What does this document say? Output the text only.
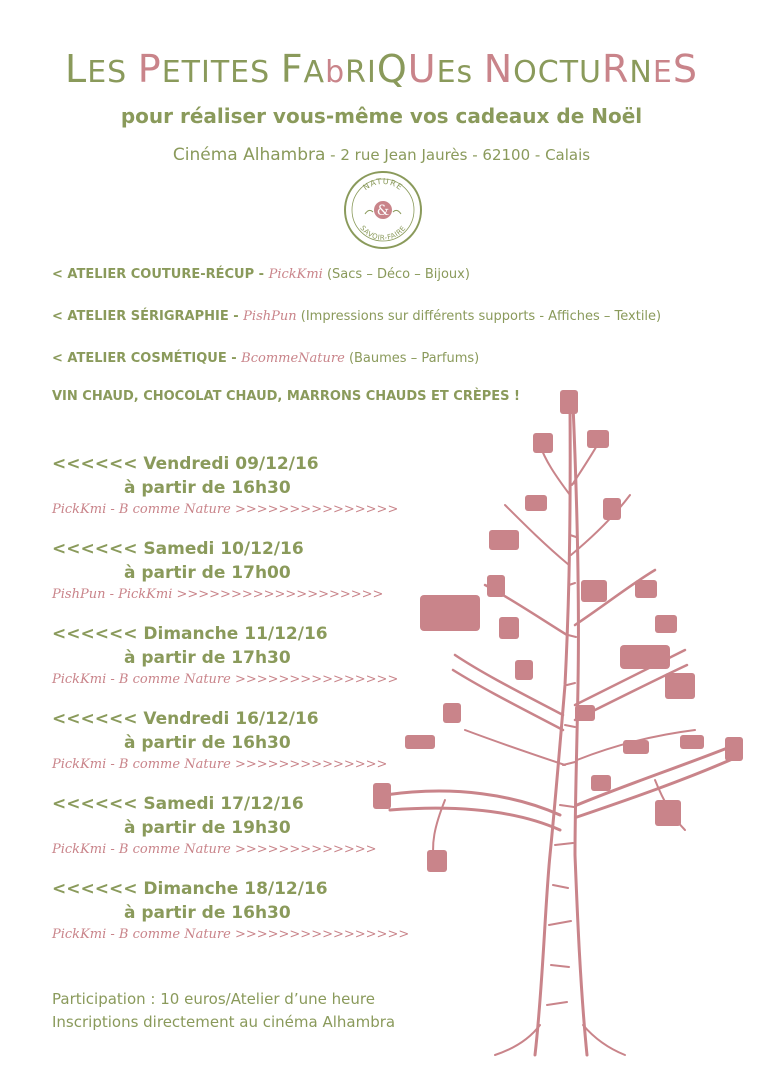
LES PETITES FAbRIQUEs NOCTURNES
pour réaliser vous-même vos cadeaux de Noël
Cinéma Alhambra - 2 rue Jean Jaurès - 62100 - Calais
NATURE
SAVOIR-FAIRE
&
< ATELIER COUTURE-RÉCUP - PickKmi (Sacs – Déco – Bijoux)
< ATELIER SÉRIGRAPHIE - PishPun (Impressions sur différents supports - Affiches – Textile)
< ATELIER COSMÉTIQUE - BcommeNature (Baumes – Parfums)
VIN CHAUD, CHOCOLAT CHAUD, MARRONS CHAUDS ET CRÈPES !
<<<<<< Vendredi 09/12/16
à partir de 16h30
PickKmi - B comme Nature >>>>>>>>>>>>>>>
<<<<<< Samedi 10/12/16
à partir de 17h00
PishPun - PickKmi >>>>>>>>>>>>>>>>>>>
<<<<<< Dimanche 11/12/16
à partir de 17h30
PickKmi - B comme Nature >>>>>>>>>>>>>>>
<<<<<< Vendredi 16/12/16
à partir de 16h30
PickKmi - B comme Nature >>>>>>>>>>>>>>
<<<<<< Samedi 17/12/16
à partir de 19h30
PickKmi - B comme Nature >>>>>>>>>>>>>
<<<<<< Dimanche 18/12/16
à partir de 16h30
PickKmi - B comme Nature >>>>>>>>>>>>>>>>
Participation : 10 euros/Atelier d’une heure
Inscriptions directement au cinéma Alhambra
